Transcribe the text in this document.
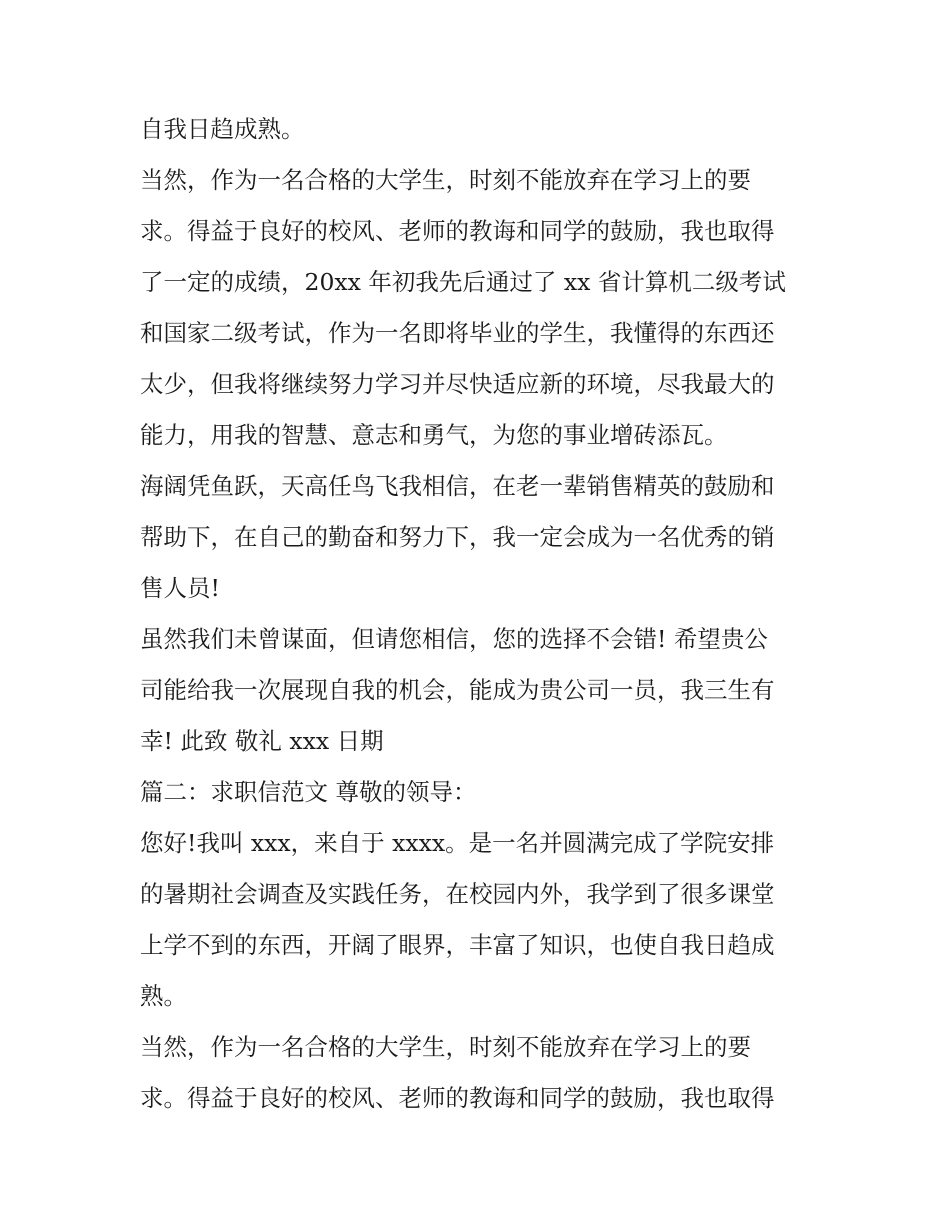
自我日趋成熟。
当然，作为一名合格的大学生，时刻不能放弃在学习上的要
求。得益于良好的校风、老师的教诲和同学的鼓励，我也取得
了一定的成绩，20xx 年初我先后通过了 xx 省计算机二级考试
和国家二级考试，作为一名即将毕业的学生，我懂得的东西还
太少，但我将继续努力学习并尽快适应新的环境，尽我最大的
能力，用我的智慧、意志和勇气，为您的事业增砖添瓦。
海阔凭鱼跃，天高任鸟飞我相信，在老一辈销售精英的鼓励和
帮助下，在自己的勤奋和努力下，我一定会成为一名优秀的销
售人员!
虽然我们未曾谋面，但请您相信，您的选择不会错! 希望贵公
司能给我一次展现自我的机会，能成为贵公司一员，我三生有
幸! 此致 敬礼 xxx 日期
篇二：求职信范文 尊敬的领导：
您好!我叫 xxx，来自于 xxxx。是一名并圆满完成了学院安排
的暑期社会调查及实践任务，在校园内外，我学到了很多课堂
上学不到的东西，开阔了眼界，丰富了知识，也使自我日趋成
熟。
当然，作为一名合格的大学生，时刻不能放弃在学习上的要
求。得益于良好的校风、老师的教诲和同学的鼓励，我也取得
